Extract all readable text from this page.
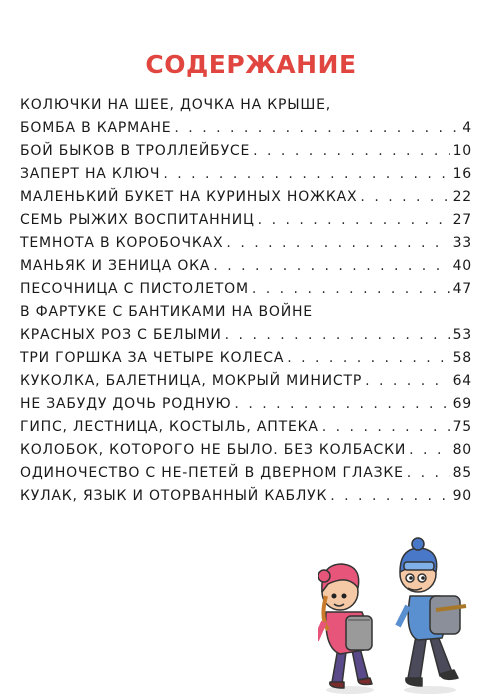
СОДЕРЖАНИЕ
КОЛЮЧКИ НА ШЕЕ, ДОЧКА НА КРЫШЕ,
БОМБА В КАРМАНЕ . . .	4
БОЙ БЫКОВ В ТРОЛЛЕЙБУСЕ . . .	10
ЗАПЕРТ НА КЛЮЧ . . .	16
МАЛЕНЬКИЙ БУКЕТ НА КУРИНЫХ НОЖКАХ . . .	22
СЕМЬ РЫЖИХ ВОСПИТАННИЦ . . .	27
ТЕМНОТА В КОРОБОЧКАХ . . .	33
МАНЬЯК И ЗЕНИЦА ОКА . . .	40
ПЕСОЧНИЦА С ПИСТОЛЕТОМ . . .	47
В ФАРТУКЕ С БАНТИКАМИ НА ВОЙНЕ
КРАСНЫХ РОЗ С БЕЛЫМИ . . .	53
ТРИ ГОРШКА ЗА ЧЕТЫРЕ КОЛЕСА . . .	58
КУКОЛКА, БАЛЕТНИЦА, МОКРЫЙ МИНИСТР . . .	64
НЕ ЗАБУДУ ДОЧЬ РОДНУЮ . . .	69
ГИПС, ЛЕСТНИЦА, КОСТЫЛЬ, АПТЕКА . . .	75
КОЛОБОК, КОТОРОГО НЕ БЫЛО. БЕЗ КОЛБАСКИ . . .	80
ОДИНОЧЕСТВО С НЕ-ПЕТЕЙ В ДВЕРНОМ ГЛАЗКЕ . . .	85
КУЛАК, ЯЗЫК И ОТОРВАННЫЙ КАБЛУК . . .	90
